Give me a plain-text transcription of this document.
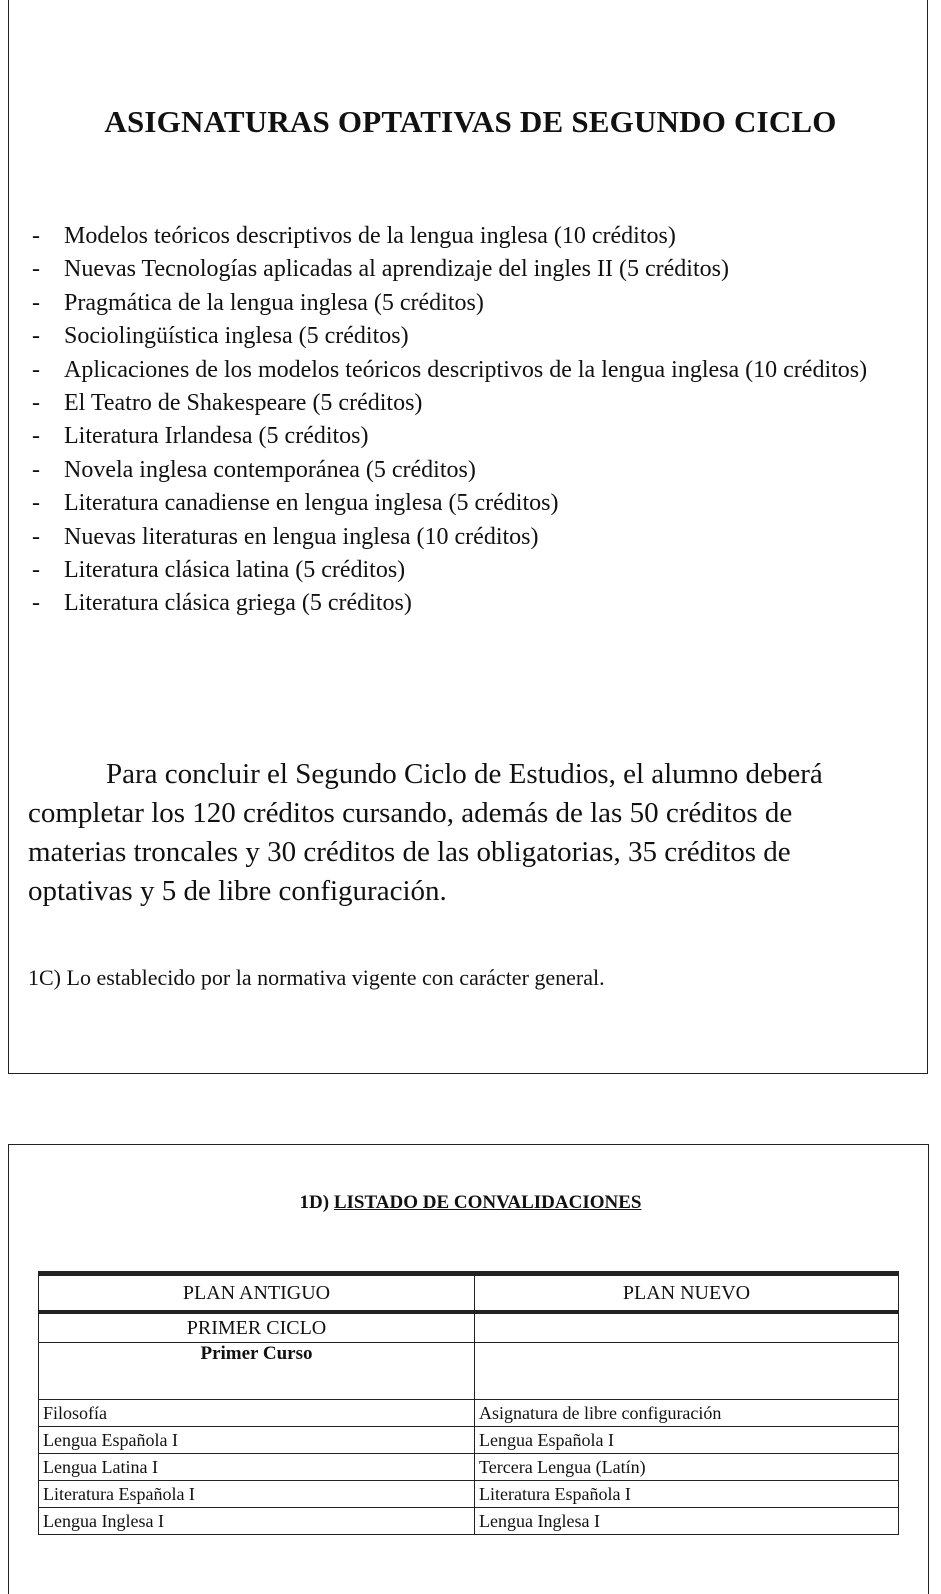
ASIGNATURAS OPTATIVAS DE SEGUNDO CICLO
- Modelos teóricos descriptivos de la lengua inglesa (10 créditos)
- Nuevas Tecnologías aplicadas al aprendizaje del ingles II (5 créditos)
- Pragmática de la lengua inglesa (5 créditos)
- Sociolingüística inglesa (5 créditos)
- Aplicaciones de los modelos teóricos descriptivos de la lengua inglesa (10 créditos)
- El Teatro de Shakespeare (5 créditos)
- Literatura Irlandesa (5 créditos)
- Novela inglesa contemporánea (5 créditos)
- Literatura canadiense en lengua inglesa (5 créditos)
- Nuevas literaturas en lengua inglesa (10 créditos)
- Literatura clásica latina (5 créditos)
- Literatura clásica griega (5 créditos)
Para concluir el Segundo Ciclo de Estudios, el alumno deberá completar los 120 créditos cursando, además de las 50 créditos de materias troncales y 30 créditos de las obligatorias, 35 créditos de optativas y 5 de libre configuración.
1C) Lo establecido por la normativa vigente con carácter general.
1D) LISTADO DE CONVALIDACIONES
PLAN ANTIGUO	PLAN NUEVO
PRIMER CICLO	
Primer Curso	
Filosofía	Asignatura de libre configuración
Lengua Española I	Lengua Española I
Lengua Latina I	Tercera Lengua (Latín)
Literatura Española I	Literatura Española I
Lengua Inglesa I	Lengua Inglesa I
